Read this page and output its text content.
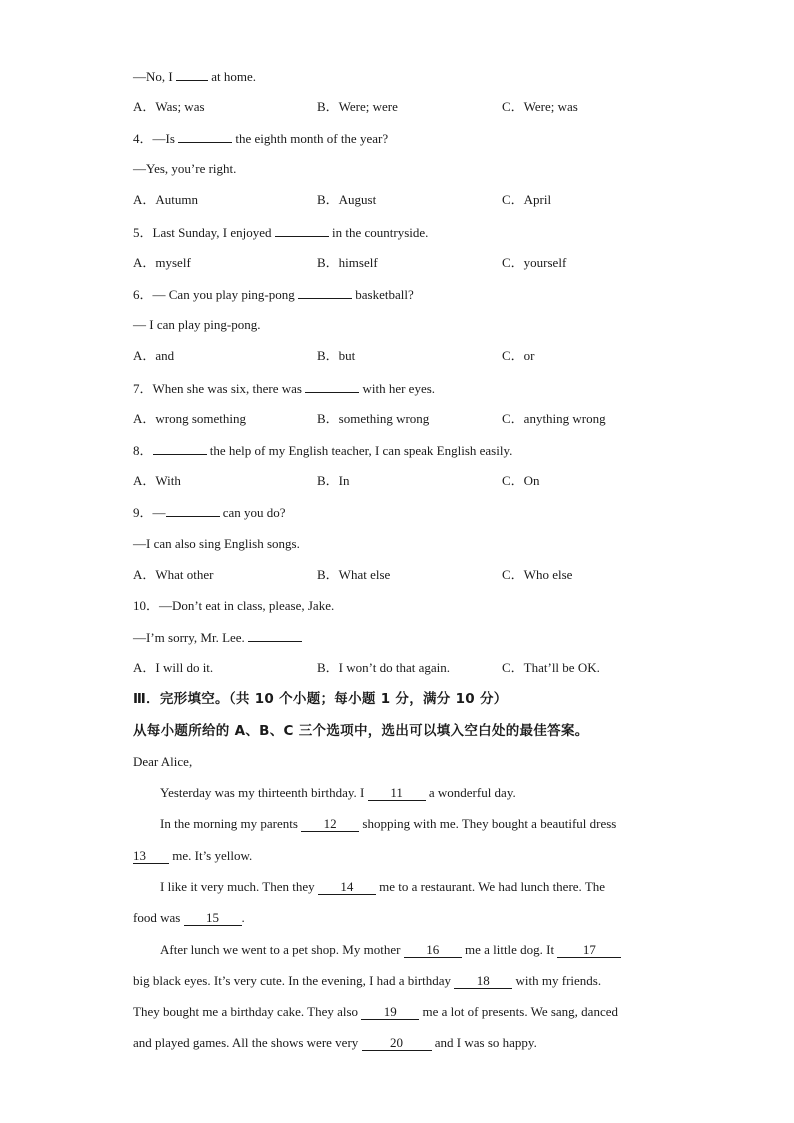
—No, I  at home.
A．Was; was	B．Were; were	C．Were; was
4．—Is	the eighth month of the year?
—Yes, you’re right.
A．Autumn	B．August	C．April
5．Last Sunday, I enjoyed	in the countryside.
A．myself	B．himself	C．yourself
6．— Can you play ping-pong	basketball?
— I can play ping-pong.
A．and	B．but	C．or
7．When she was six, there was	with her eyes.
A．wrong something	B．something wrong	C．anything wrong
8．	the help of my English teacher, I can speak English easily.
A．With	B．In	C．On
9．—	can you do?
—I can also sing English songs.
A．What other	B．What else	C．Who else
10．—Don’t eat in class, please, Jake.
—I’m sorry, Mr. Lee.
A．I will do it.	B．I won’t do that again.	C．That’ll be OK.
Ⅲ．完形填空。（共 10 个小题；每小题 1 分，满分 10 分）
从每小题所给的 A、B、C 三个选项中，选出可以填入空白处的最佳答案。
Dear Alice,
Yesterday was my thirteenth birthday. I 11 a wonderful day.
In the morning my parents 12 shopping with me. They bought a beautiful dress
13 me. It’s yellow.
I like it very much. Then they 14 me to a restaurant. We had lunch there. The
food was 15 .
After lunch we went to a pet shop. My mother 16 me a little dog. It 17
big black eyes. It’s very cute. In the evening, I had a birthday 18 with my friends.
They bought me a birthday cake. They also 19 me a lot of presents. We sang, danced
and played games. All the shows were very 20 and I was so happy.
